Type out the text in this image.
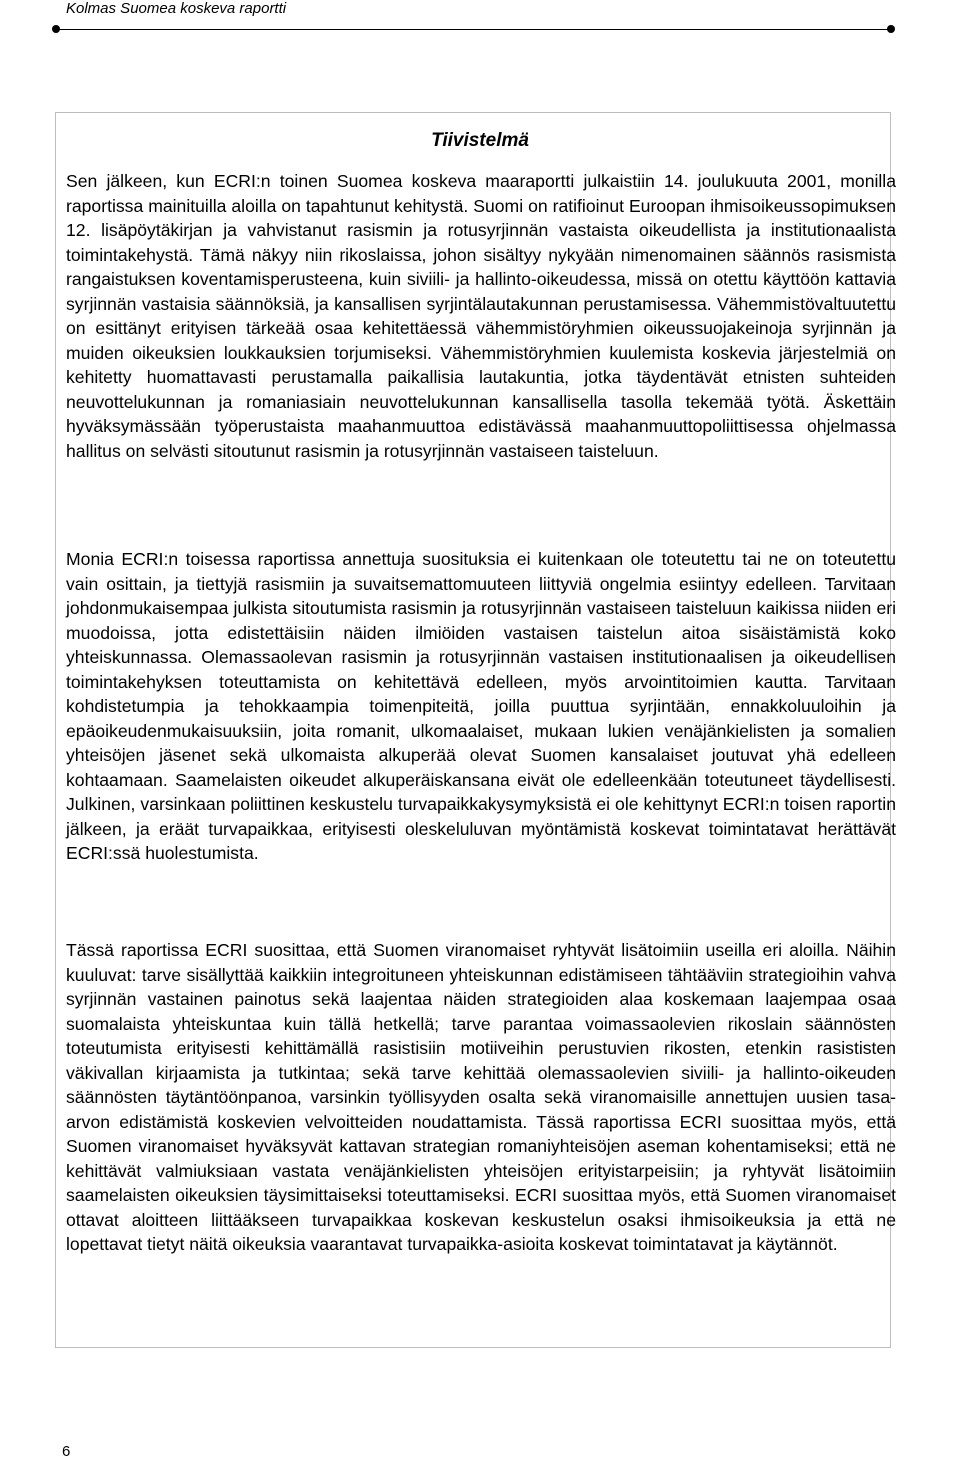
Kolmas Suomea koskeva raportti
Tiivistelmä

Sen jälkeen, kun ECRI:n toinen Suomea koskeva maaraportti julkaistiin 14. joulukuuta 2001, monilla raportissa mainituilla aloilla on tapahtunut kehitystä. Suomi on ratifioinut Euroopan ihmisoikeussopimuksen 12. lisäpöytäkirjan ja vahvistanut rasismin ja rotusyrjinnän vastaista oikeudellista ja institutionaalista toimintakehystä. Tämä näkyy niin rikoslaissa, johon sisältyy nykyään nimenomainen säännös rasismista rangaistuksen koventamisperusteena, kuin siviili- ja hallinto-oikeudessa, missä on otettu käyttöön kattavia syrjinnän vastaisia säännöksiä, ja kansallisen syrjintälautakunnan perustamisessa. Vähemmistövaltuutettu on esittänyt erityisen tärkeää osaa kehitettäessä vähemmistöryhmien oikeussuojakeinoja syrjinnän ja muiden oikeuksien loukkauksien torjumiseksi. Vähemmistöryhmien kuulemista koskevia järjestelmiä on kehitetty huomattavasti perustamalla paikallisia lautakuntia, jotka täydentävät etnisten suhteiden neuvottelukunnan ja romaniasiain neuvottelukunnan kansallisella tasolla tekemää työtä. Äskettäin hyväksymässään työperustaista maahanmuuttoa edistävässä maahanmuuttopoliittisessa ohjelmassa hallitus on selvästi sitoutunut rasismin ja rotusyrjinnän vastaiseen taisteluun.

Monia ECRI:n toisessa raportissa annettuja suosituksia ei kuitenkaan ole toteutettu tai ne on toteutettu vain osittain, ja tiettyjä rasismiin ja suvaitsemattomuuteen liittyviä ongelmia esiintyy edelleen. Tarvitaan johdonmukaisempaa julkista sitoutumista rasismin ja rotusyrjinnän vastaiseen taisteluun kaikissa niiden eri muodoissa, jotta edistettäisiin näiden ilmiöiden vastaisen taistelun aitoa sisäistämistä koko yhteiskunnassa. Olemassaolevan rasismin ja rotusyrjinnän vastaisen institutionaalisen ja oikeudellisen toimintakehyksen toteuttamista on kehitettävä edelleen, myös arvointitoimien kautta. Tarvitaan kohdistetumpia ja tehokkaampia toimenpiteitä, joilla puuttua syrjintään, ennakkoluuloihin ja epäoikeudenmukaisuuksiin, joita romanit, ulkomaalaiset, mukaan lukien venäjänkielisten ja somalien yhteisöjen jäsenet sekä ulkomaista alkuperää olevat Suomen kansalaiset joutuvat yhä edelleen kohtaamaan. Saamelaisten oikeudet alkuperäiskansana eivät ole edelleenkään toteutuneet täydellisesti. Julkinen, varsinkaan poliittinen keskustelu turvapaikkakysymyksistä ei ole kehittynyt ECRI:n toisen raportin jälkeen, ja eräät turvapaikkaa, erityisesti oleskeluluvan myöntämistä koskevat toimintatavat herättävät ECRI:ssä huolestumista.

Tässä raportissa ECRI suosittaa, että Suomen viranomaiset ryhtyvät lisätoimiin useilla eri aloilla. Näihin kuuluvat: tarve sisällyttää kaikkiin integroituneen yhteiskunnan edistämiseen tähtääviin strategioihin vahva syrjinnän vastainen painotus sekä laajentaa näiden strategioiden alaa koskemaan laajempaa osaa suomalaista yhteiskuntaa kuin tällä hetkellä; tarve parantaa voimassaolevien rikoslain säännösten toteutumista erityisesti kehittämällä rasistisiin motiiveihin perustuvien rikosten, etenkin rasististen väkivallan kirjaamista ja tutkintaa; sekä tarve kehittää olemassaolevien siviili- ja hallinto-oikeuden säännösten täytäntöönpanoa, varsinkin työllisyyden osalta sekä viranomaisille annettujen uusien tasa-arvon edistämistä koskevien velvoitteiden noudattamista. Tässä raportissa ECRI suosittaa myös, että Suomen viranomaiset hyväksyvät kattavan strategian romaniyhteisöjen aseman kohentamiseksi; että ne kehittävät valmiuksiaan vastata venäjänkielisten yhteisöjen erityistarpeisiin; ja ryhtyvät lisätoimiin saamelaisten oikeuksien täysimittaiseksi toteuttamiseksi. ECRI suosittaa myös, että Suomen viranomaiset ottavat aloitteen liittääkseen turvapaikkaa koskevan keskustelun osaksi ihmisoikeuksia ja että ne lopettavat tietyt näitä oikeuksia vaarantavat turvapaikka-asioita koskevat toimintatavat ja käytännöt.

6
